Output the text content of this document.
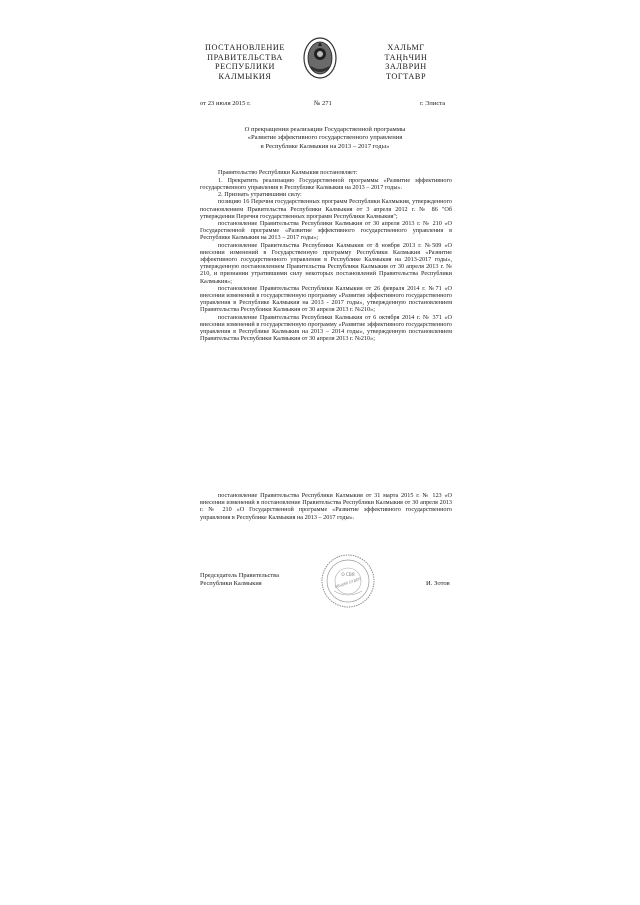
ПОСТАНОВЛЕНИЕ
ПРАВИТЕЛЬСТВА
РЕСПУБЛИКИ
КАЛМЫКИЯ
ХАЛЬМГ
ТАҢҺЧИН
ЗАЛВРИН
ТОГТАВР
от 23 июля 2015 г.	№ 271	г. Элиста
О прекращении реализации Государственной программы
«Развитие эффективного государственного управления
в Республике Калмыкия на 2013 – 2017 годы»

Правительство Республики Калмыкия постановляет:

1. Прекратить реализацию Государственной программы «Развитие эффективного государственного управления в Республике Калмыкия на 2013 – 2017 годы».

2. Признать утратившими силу:

позицию 16 Перечня государственных программ Республики Калмыкия, утвержденного постановлением Правительства Республики Калмыкия от 3 апреля 2012 г. № 86 "Об утверждении Перечня государственных программ Республики Калмыкия";

постановление Правительства Республики Калмыкия от 30 апреля 2013 г. № 210 «О Государственной программе «Развитие эффективного государственного управления в Республике Калмыкия на 2013 – 2017 годы»;

постановление Правительства Республики Калмыкия от 8 ноября 2013 г. №509 «О внесении изменений в Государственную программу Республики Калмыкия «Развитие эффективного государственного управления в Республике Калмыкия на 2013-2017 годы», утвержденную постановлением Правительства Республики Калмыкия от 30 апреля 2013 г. № 210, и признании утратившими силу некоторых постановлений Правительства Республики Калмыкия»;

постановление Правительства Республики Калмыкия от 26 февраля 2014 г. №71 «О внесении изменений в государственную программу «Развитие эффективного государственного управления в Республике Калмыкия на 2013 - 2017 годы», утвержденную постановлением Правительства Республики Калмыкия от 30 апреля 2013 г. №210»;

постановление Правительства Республики Калмыкия от 6 октября 2014 г. № 371 «О внесении изменений в государственную программу «Развитие эффективного государственного управления в Республике Калмыкия на 2013 – 2014 годы», утвержденную постановлением Правительства Республики Калмыкия от 30 апреля 2013 г. №210»;

постановление Правительства Республики Калмыкия от 31 марта 2015 г. № 123 «О внесении изменений в постановление Правительства Республики Калмыкия от 30 апреля 2013 г. № 210 «О Государственной программе «Развитие эффективного государственного управления в Республике Калмыкия на 2013 – 2017 годы».

Председатель Правительства
Республики Калмыкия
О СВЯ
ОБЩИЙ ОТДЕЛ	И. Зотов
